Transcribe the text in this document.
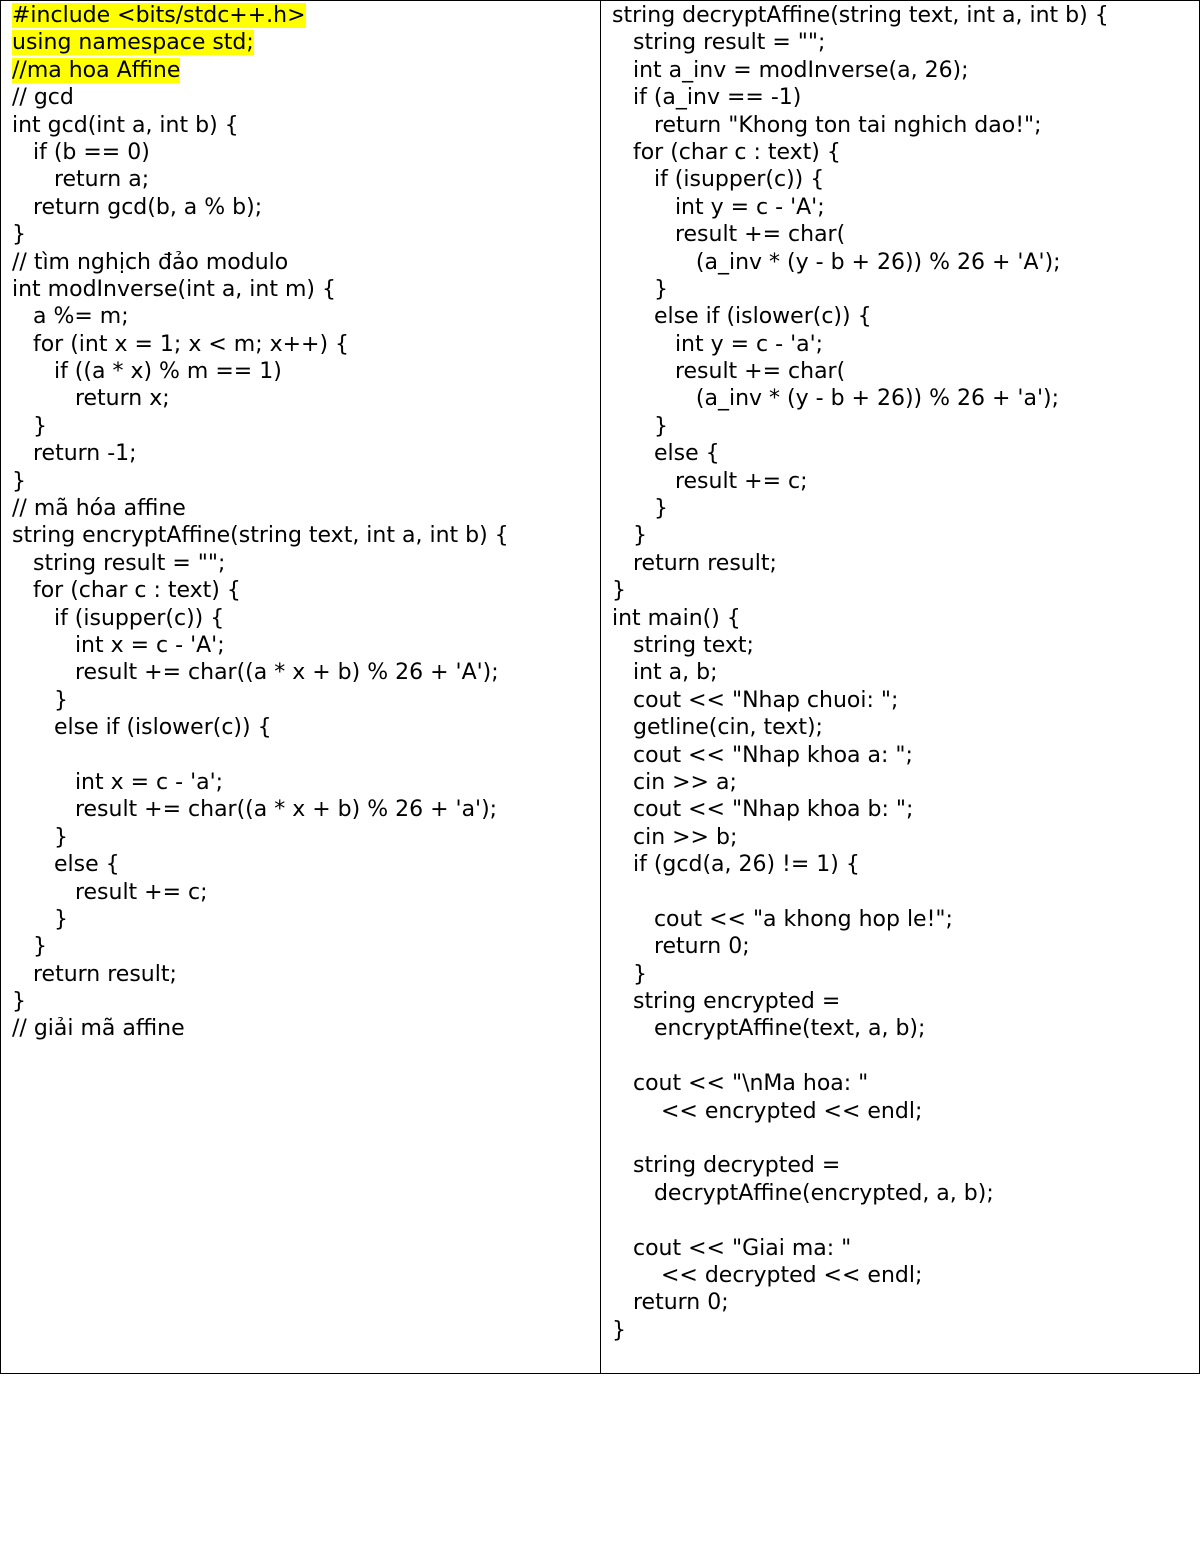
#include <bits/stdc++.h>
using namespace std;
//ma hoa Affine
// gcd
int gcd(int a, int b) {
if (b == 0)
return a;
return gcd(b, a % b);
}
// tìm nghịch đảo modulo
int modInverse(int a, int m) {
a %= m;
for (int x = 1; x < m; x++) {
if ((a * x) % m == 1)
return x;
}
return -1;
}
// mã hóa affine
string encryptAffine(string text, int a, int b) {
string result = "";
for (char c : text) {
if (isupper(c)) {
int x = c - 'A';
result += char((a * x + b) % 26 + 'A');
}
else if (islower(c)) {
int x = c - 'a';
result += char((a * x + b) % 26 + 'a');
}
else {
result += c;
}
}
return result;
}
// giải mã affine
string decryptAffine(string text, int a, int b) {
string result = "";
int a_inv = modInverse(a, 26);
if (a_inv == -1)
return "Khong ton tai nghich dao!";
for (char c : text) {
if (isupper(c)) {
int y = c - 'A';
result += char(
(a_inv * (y - b + 26)) % 26 + 'A');
}
else if (islower(c)) {
int y = c - 'a';
result += char(
(a_inv * (y - b + 26)) % 26 + 'a');
}
else {
result += c;
}
}
return result;
}
int main() {
string text;
int a, b;
cout << "Nhap chuoi: ";
getline(cin, text);
cout << "Nhap khoa a: ";
cin >> a;
cout << "Nhap khoa b: ";
cin >> b;
if (gcd(a, 26) != 1) {
cout << "a khong hop le!";
return 0;
}
string encrypted =
encryptAffine(text, a, b);
cout << "\nMa hoa: "
<< encrypted << endl;
string decrypted =
decryptAffine(encrypted, a, b);
cout << "Giai ma: "
<< decrypted << endl;
return 0;
}
